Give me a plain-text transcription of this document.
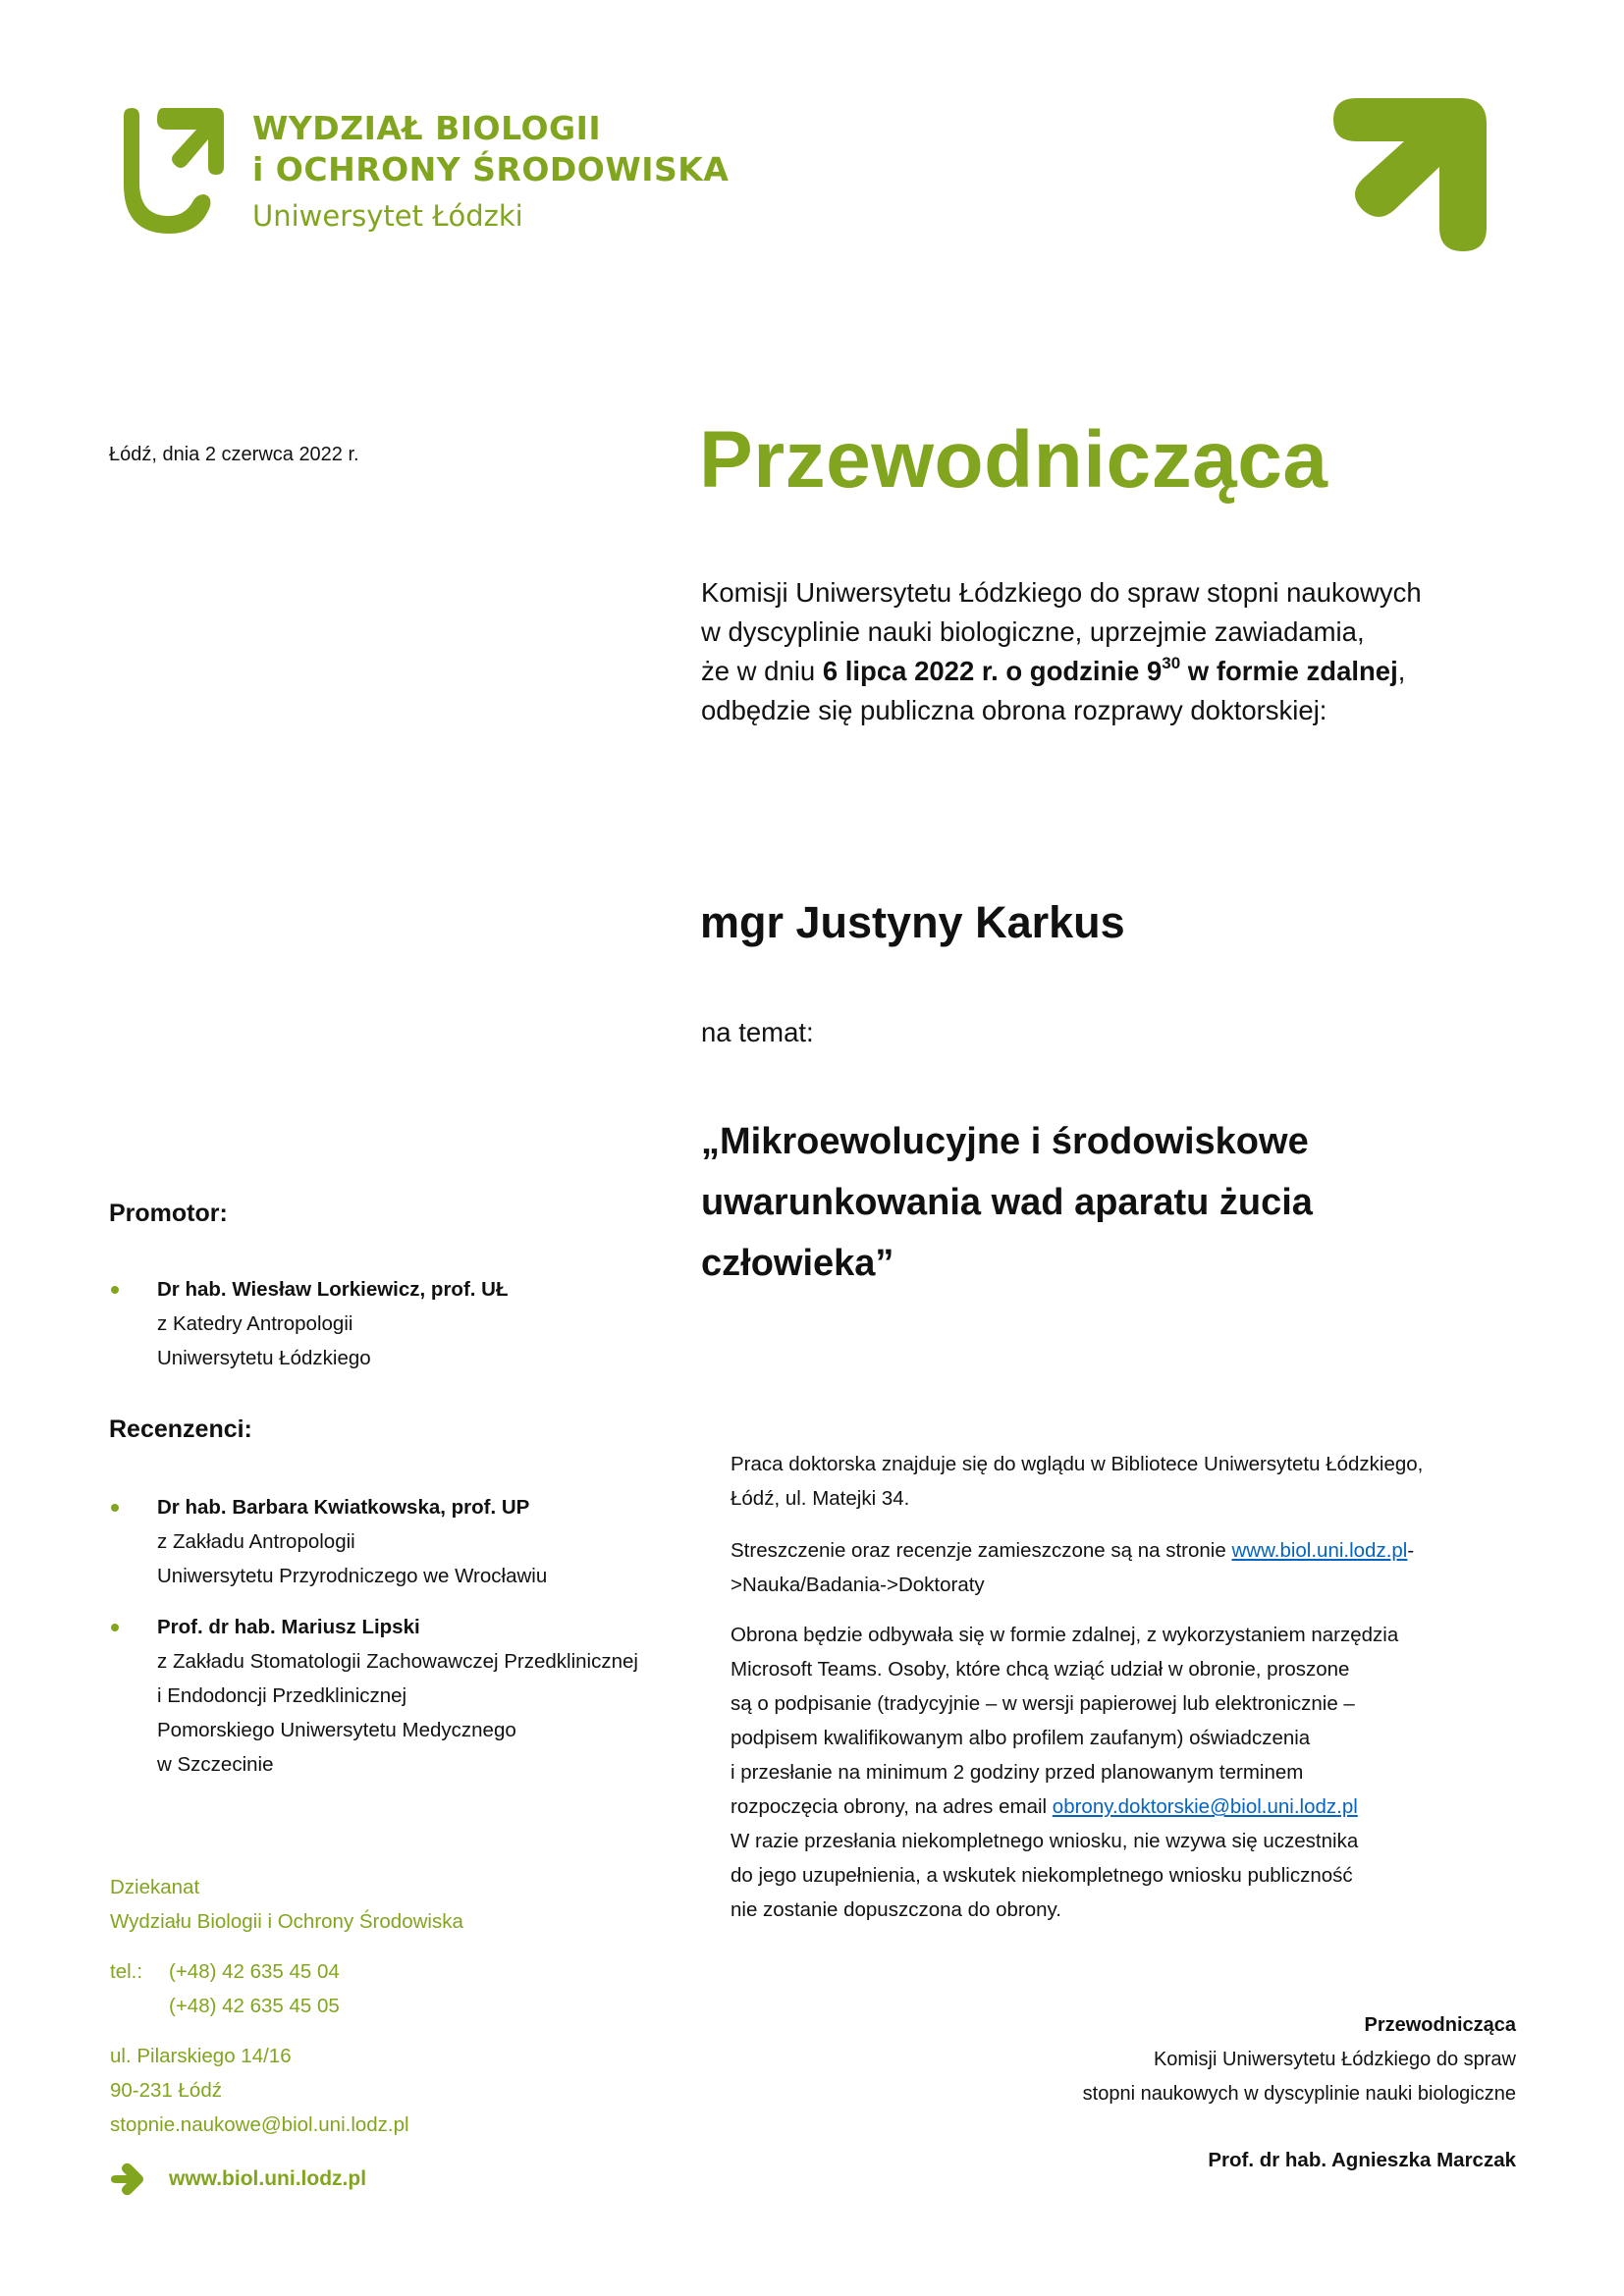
WYDZIAŁ BIOLOGII
i OCHRONY ŚRODOWISKA
Uniwersytet Łódzki
Łódź, dnia 2 czerwca 2022 r.	Przewodnicząca
Komisji Uniwersytetu Łódzkiego do spraw stopni naukowych
w dyscyplinie nauki biologiczne, uprzejmie zawiadamia,
że w dniu 6 lipca 2022 r. o godzinie $9^{30}$ w formie zdalnej,
odbędzie się publiczna obrona rozprawy doktorskiej:
mgr Justyny Karkus
na temat:
„Mikroewolucyjne i środowiskowe uwarunkowania wad aparatu żucia człowieka”
Promotor:
Dr hab. Wiesław Lorkiewicz, prof. UŁ
z Katedry Antropologii
Uniwersytetu Łódzkiego
Recenzenci:
Dr hab. Barbara Kwiatkowska, prof. UP
z Zakładu Antropologii
Uniwersytetu Przyrodniczego we Wrocławiu
Prof. dr hab. Mariusz Lipski
z Zakładu Stomatologii Zachowawczej Przedklinicznej
i Endodoncji Przedklinicznej
Pomorskiego Uniwersytetu Medycznego
w Szczecinie
Praca doktorska znajduje się do wglądu w Bibliotece Uniwersytetu Łódzkiego,
Łódź, ul. Matejki 34.
Streszczenie oraz recenzje zamieszczone są na stronie www.biol.uni.lodz.pl-
>Nauka/Badania->Doktoraty
Obrona będzie odbywała się w formie zdalnej, z wykorzystaniem narzędzia
Microsoft Teams. Osoby, które chcą wziąć udział w obronie, proszone
są o podpisanie (tradycyjnie – w wersji papierowej lub elektronicznie –
podpisem kwalifikowanym albo profilem zaufanym) oświadczenia
i przesłanie na minimum 2 godziny przed planowanym terminem
rozpoczęcia obrony, na adres email obrony.doktorskie@biol.uni.lodz.pl
W razie przesłania niekompletnego wniosku, nie wzywa się uczestnika
do jego uzupełnienia, a wskutek niekompletnego wniosku publiczność
nie zostanie dopuszczona do obrony.
Dziekanat
Wydziału Biologii i Ochrony Środowiska
tel.:	(+48) 42 635 45 04
(+48) 42 635 45 05
ul. Pilarskiego 14/16
90-231 Łódź
stopnie.naukowe@biol.uni.lodz.pl
www.biol.uni.lodz.pl
Przewodnicząca
Komisji Uniwersytetu Łódzkiego do spraw
stopni naukowych w dyscyplinie nauki biologiczne
Prof. dr hab. Agnieszka Marczak
